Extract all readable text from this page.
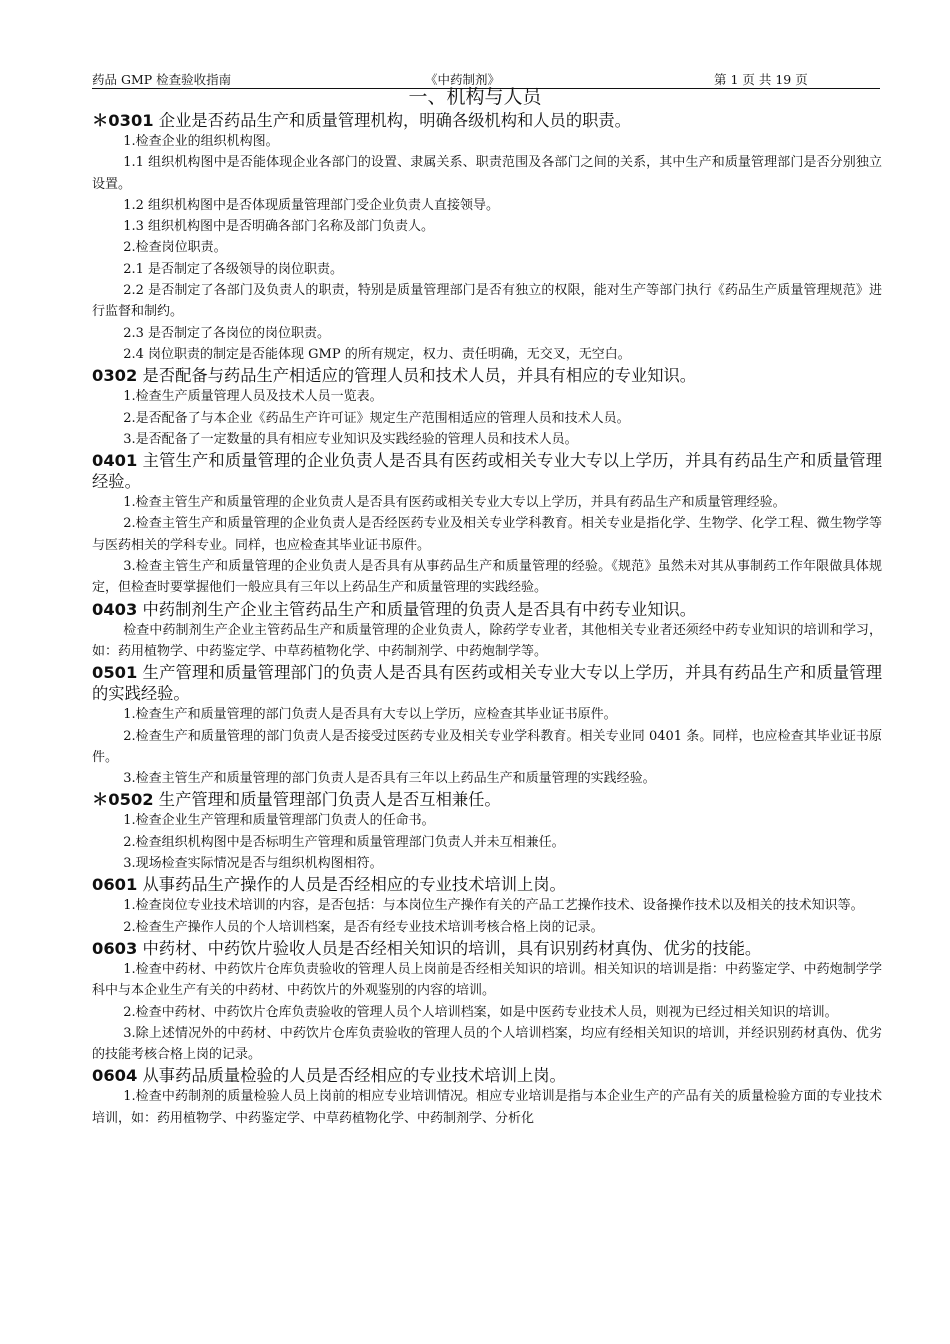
药品 GMP 检查验收指南	《中药制剂》	第 1 页 共 19 页
一、机构与人员
＊0301 企业是否药品生产和质量管理机构，明确各级机构和人员的职责。
1.检查企业的组织机构图。
1.1 组织机构图中是否能体现企业各部门的设置、隶属关系、职责范围及各部门之间的关系，其中生产和质量管理部门是否分别独立设置。
1.2 组织机构图中是否体现质量管理部门受企业负责人直接领导。
1.3 组织机构图中是否明确各部门名称及部门负责人。
2.检查岗位职责。
2.1 是否制定了各级领导的岗位职责。
2.2 是否制定了各部门及负责人的职责，特别是质量管理部门是否有独立的权限，能对生产等部门执行《药品生产质量管理规范》进行监督和制约。
2.3 是否制定了各岗位的岗位职责。
2.4 岗位职责的制定是否能体现 GMP 的所有规定，权力、责任明确，无交叉，无空白。
0302 是否配备与药品生产相适应的管理人员和技术人员，并具有相应的专业知识。
1.检查生产质量管理人员及技术人员一览表。
2.是否配备了与本企业《药品生产许可证》规定生产范围相适应的管理人员和技术人员。
3.是否配备了一定数量的具有相应专业知识及实践经验的管理人员和技术人员。
0401 主管生产和质量管理的企业负责人是否具有医药或相关专业大专以上学历，并具有药品生产和质量管理经验。
1.检查主管生产和质量管理的企业负责人是否具有医药或相关专业大专以上学历，并具有药品生产和质量管理经验。
2.检查主管生产和质量管理的企业负责人是否经医药专业及相关专业学科教育。相关专业是指化学、生物学、化学工程、微生物学等与医药相关的学科专业。同样，也应检查其毕业证书原件。
3.检查主管生产和质量管理的企业负责人是否具有从事药品生产和质量管理的经验。《规范》虽然未对其从事制药工作年限做具体规定，但检查时要掌握他们一般应具有三年以上药品生产和质量管理的实践经验。
0403 中药制剂生产企业主管药品生产和质量管理的负责人是否具有中药专业知识。
检查中药制剂生产企业主管药品生产和质量管理的企业负责人，除药学专业者，其他相关专业者还须经中药专业知识的培训和学习，如：药用植物学、中药鉴定学、中草药植物化学、中药制剂学、中药炮制学等。
0501 生产管理和质量管理部门的负责人是否具有医药或相关专业大专以上学历，并具有药品生产和质量管理的实践经验。
1.检查生产和质量管理的部门负责人是否具有大专以上学历，应检查其毕业证书原件。
2.检查生产和质量管理的部门负责人是否接受过医药专业及相关专业学科教育。相关专业同 0401 条。同样，也应检查其毕业证书原件。
3.检查主管生产和质量管理的部门负责人是否具有三年以上药品生产和质量管理的实践经验。
＊0502 生产管理和质量管理部门负责人是否互相兼任。
1.检查企业生产管理和质量管理部门负责人的任命书。
2.检查组织机构图中是否标明生产管理和质量管理部门负责人并未互相兼任。
3.现场检查实际情况是否与组织机构图相符。
0601 从事药品生产操作的人员是否经相应的专业技术培训上岗。
1.检查岗位专业技术培训的内容，是否包括：与本岗位生产操作有关的产品工艺操作技术、设备操作技术以及相关的技术知识等。
2.检查生产操作人员的个人培训档案，是否有经专业技术培训考核合格上岗的记录。
0603 中药材、中药饮片验收人员是否经相关知识的培训，具有识别药材真伪、优劣的技能。
1.检查中药材、中药饮片仓库负责验收的管理人员上岗前是否经相关知识的培训。相关知识的培训是指：中药鉴定学、中药炮制学学科中与本企业生产有关的中药材、中药饮片的外观鉴别的内容的培训。
2.检查中药材、中药饮片仓库负责验收的管理人员个人培训档案，如是中医药专业技术人员，则视为已经过相关知识的培训。
3.除上述情况外的中药材、中药饮片仓库负责验收的管理人员的个人培训档案，均应有经相关知识的培训，并经识别药材真伪、优劣的技能考核合格上岗的记录。
0604 从事药品质量检验的人员是否经相应的专业技术培训上岗。
1.检查中药制剂的质量检验人员上岗前的相应专业培训情况。相应专业培训是指与本企业生产的产品有关的质量检验方面的专业技术培训，如：药用植物学、中药鉴定学、中草药植物化学、中药制剂学、分析化
